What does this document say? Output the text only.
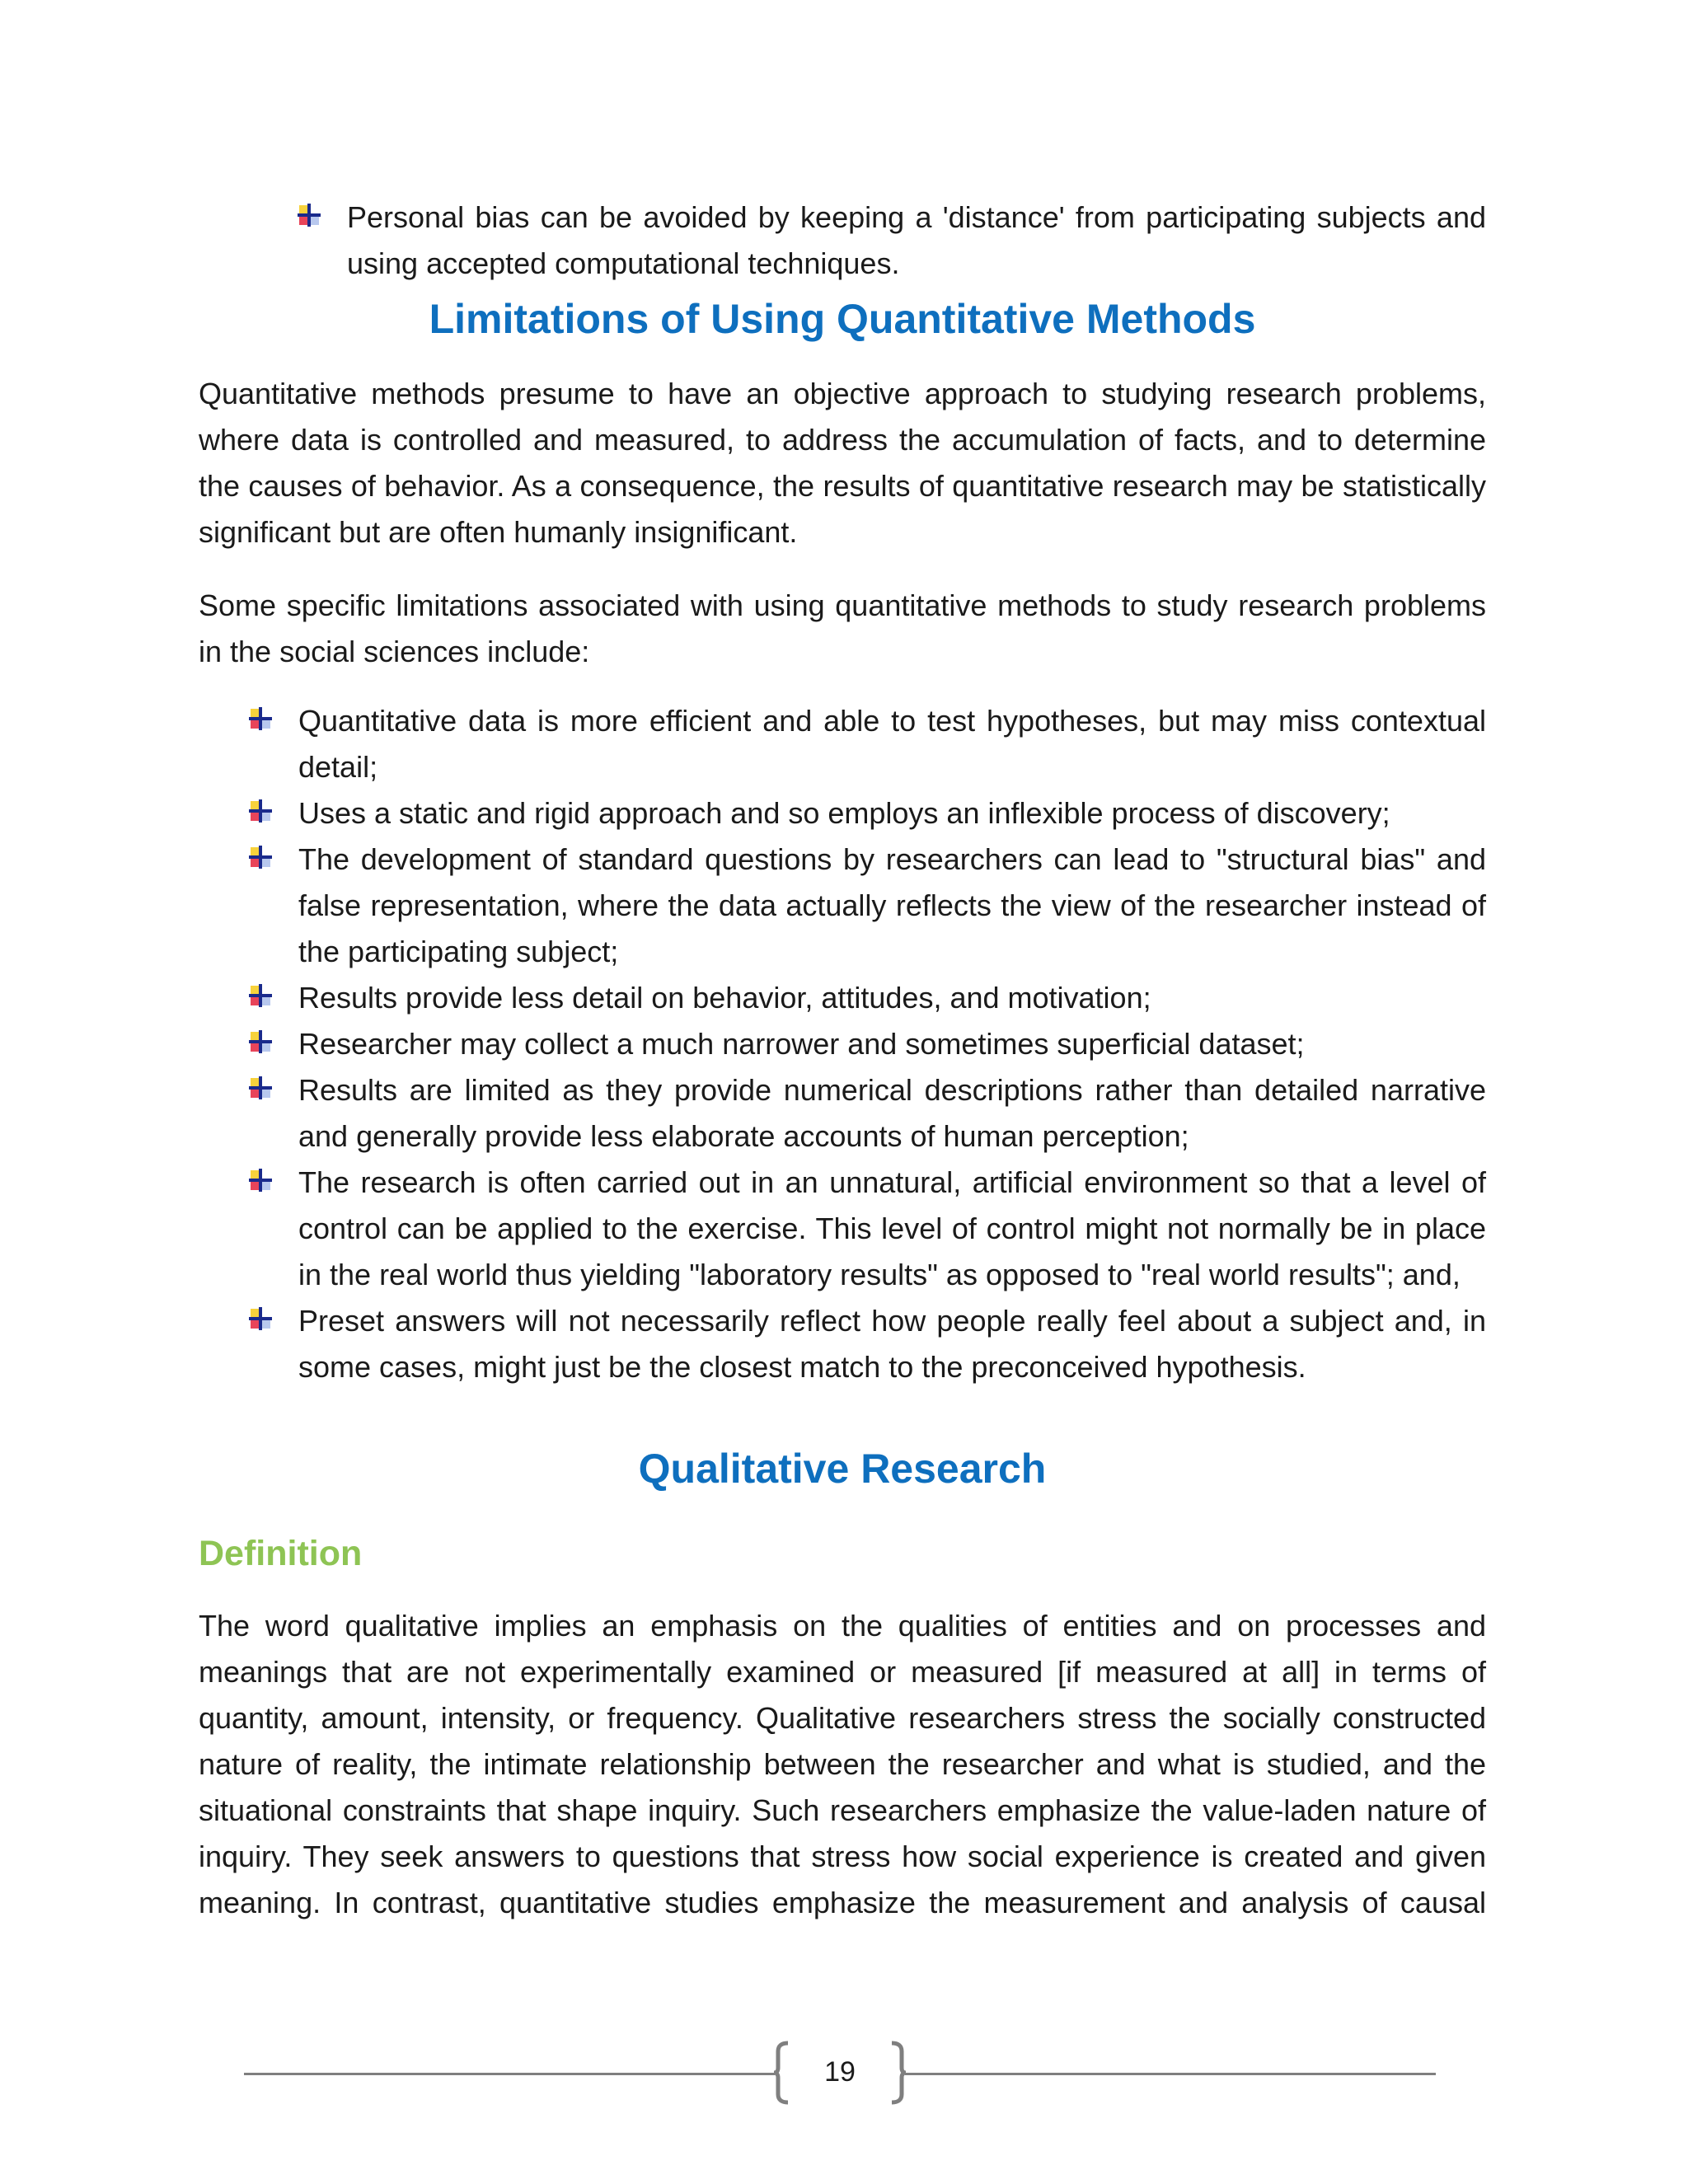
Personal bias can be avoided by keeping a 'distance' from participating subjects and using accepted computational techniques.
Limitations of Using Quantitative Methods

Quantitative methods presume to have an objective approach to studying research problems, where data is controlled and measured, to address the accumulation of facts, and to determine the causes of behavior. As a consequence, the results of quantitative research may be statistically significant but are often humanly insignificant.

Some specific limitations associated with using quantitative methods to study research problems in the social sciences include:

Quantitative data is more efficient and able to test hypotheses, but may miss contextual detail;
Uses a static and rigid approach and so employs an inflexible process of discovery;
The development of standard questions by researchers can lead to "structural bias" and false representation, where the data actually reflects the view of the researcher instead of the participating subject;
Results provide less detail on behavior, attitudes, and motivation;
Researcher may collect a much narrower and sometimes superficial dataset;
Results are limited as they provide numerical descriptions rather than detailed narrative and generally provide less elaborate accounts of human perception;
The research is often carried out in an unnatural, artificial environment so that a level of control can be applied to the exercise. This level of control might not normally be in place in the real world thus yielding "laboratory results" as opposed to "real world results"; and,
Preset answers will not necessarily reflect how people really feel about a subject and, in some cases, might just be the closest match to the preconceived hypothesis.
Qualitative Research
Definition

The word qualitative implies an emphasis on the qualities of entities and on processes and meanings that are not experimentally examined or measured [if measured at all] in terms of quantity, amount, intensity, or frequency. Qualitative researchers stress the socially constructed nature of reality, the intimate relationship between the researcher and what is studied, and the situational constraints that shape inquiry. Such researchers emphasize the value-laden nature of inquiry. They seek answers to questions that stress how social experience is created and given meaning. In contrast, quantitative studies emphasize the measurement and analysis of causal

19
